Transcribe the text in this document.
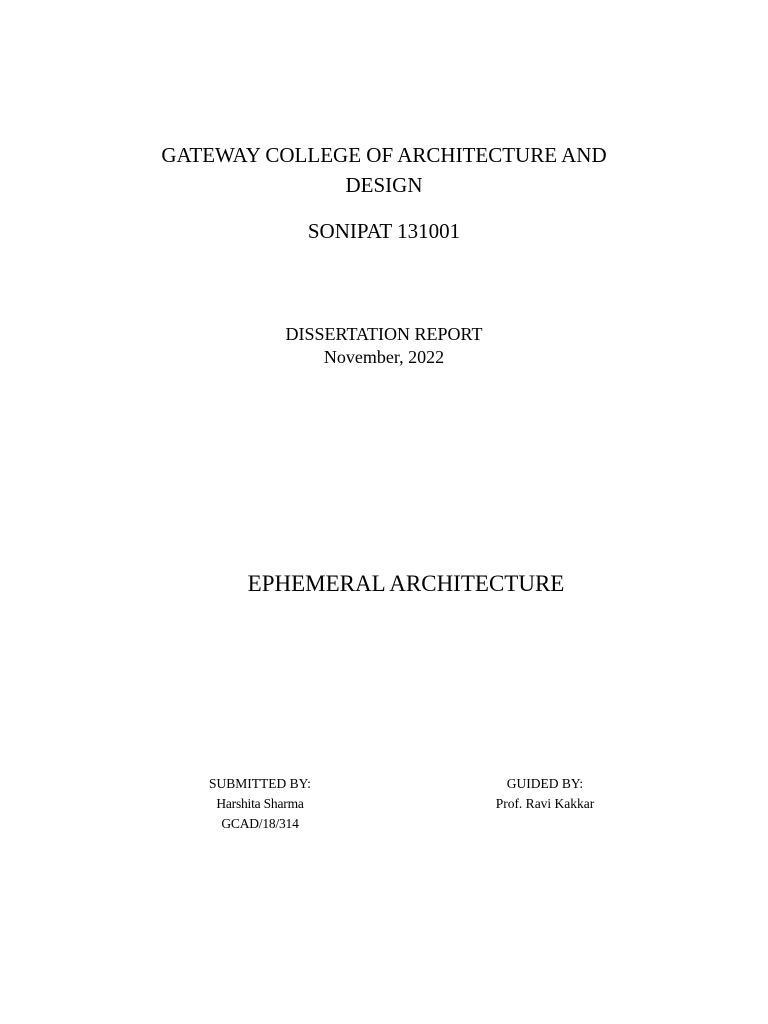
GATEWAY COLLEGE OF ARCHITECTURE AND
DESIGN
SONIPAT 131001
DISSERTATION REPORT
November, 2022
EPHEMERAL ARCHITECTURE
SUBMITTED BY:
Harshita Sharma
GCAD/18/314
GUIDED BY:
Prof. Ravi Kakkar
